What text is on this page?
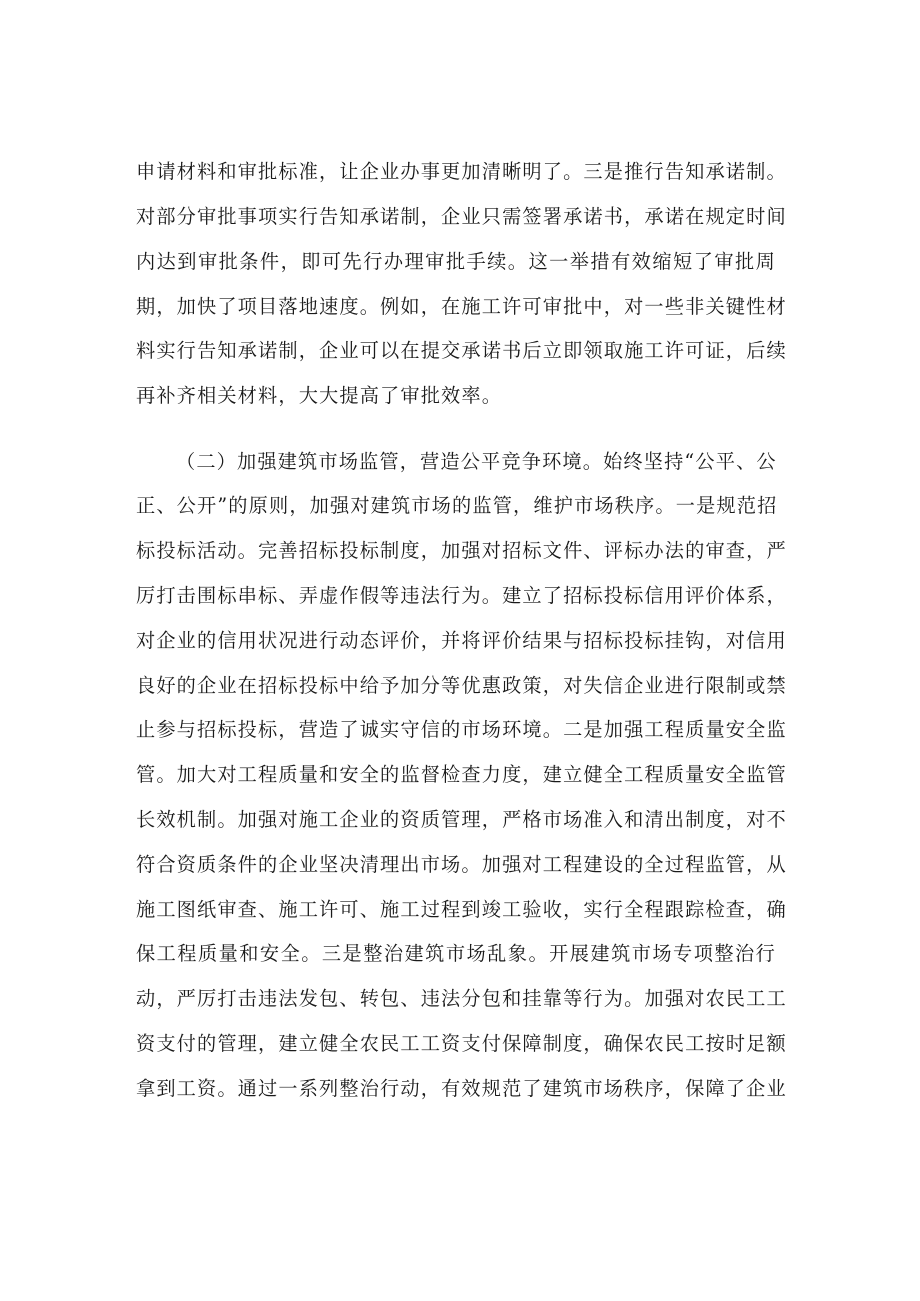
申请材料和审批标准，让企业办事更加清晰明了。三是推行告知承诺制。
对部分审批事项实行告知承诺制，企业只需签署承诺书，承诺在规定时间
内达到审批条件，即可先行办理审批手续。这一举措有效缩短了审批周
期，加快了项目落地速度。例如，在施工许可审批中，对一些非关键性材
料实行告知承诺制，企业可以在提交承诺书后立即领取施工许可证，后续
再补齐相关材料，大大提高了审批效率。
（二）加强建筑市场监管，营造公平竞争环境。始终坚持“公平、公
正、公开”的原则，加强对建筑市场的监管，维护市场秩序。一是规范招
标投标活动。完善招标投标制度，加强对招标文件、评标办法的审查，严
厉打击围标串标、弄虚作假等违法行为。建立了招标投标信用评价体系，
对企业的信用状况进行动态评价，并将评价结果与招标投标挂钩，对信用
良好的企业在招标投标中给予加分等优惠政策，对失信企业进行限制或禁
止参与招标投标，营造了诚实守信的市场环境。二是加强工程质量安全监
管。加大对工程质量和安全的监督检查力度，建立健全工程质量安全监管
长效机制。加强对施工企业的资质管理，严格市场准入和清出制度，对不
符合资质条件的企业坚决清理出市场。加强对工程建设的全过程监管，从
施工图纸审查、施工许可、施工过程到竣工验收，实行全程跟踪检查，确
保工程质量和安全。三是整治建筑市场乱象。开展建筑市场专项整治行
动，严厉打击违法发包、转包、违法分包和挂靠等行为。加强对农民工工
资支付的管理，建立健全农民工工资支付保障制度，确保农民工按时足额
拿到工资。通过一系列整治行动，有效规范了建筑市场秩序，保障了企业
